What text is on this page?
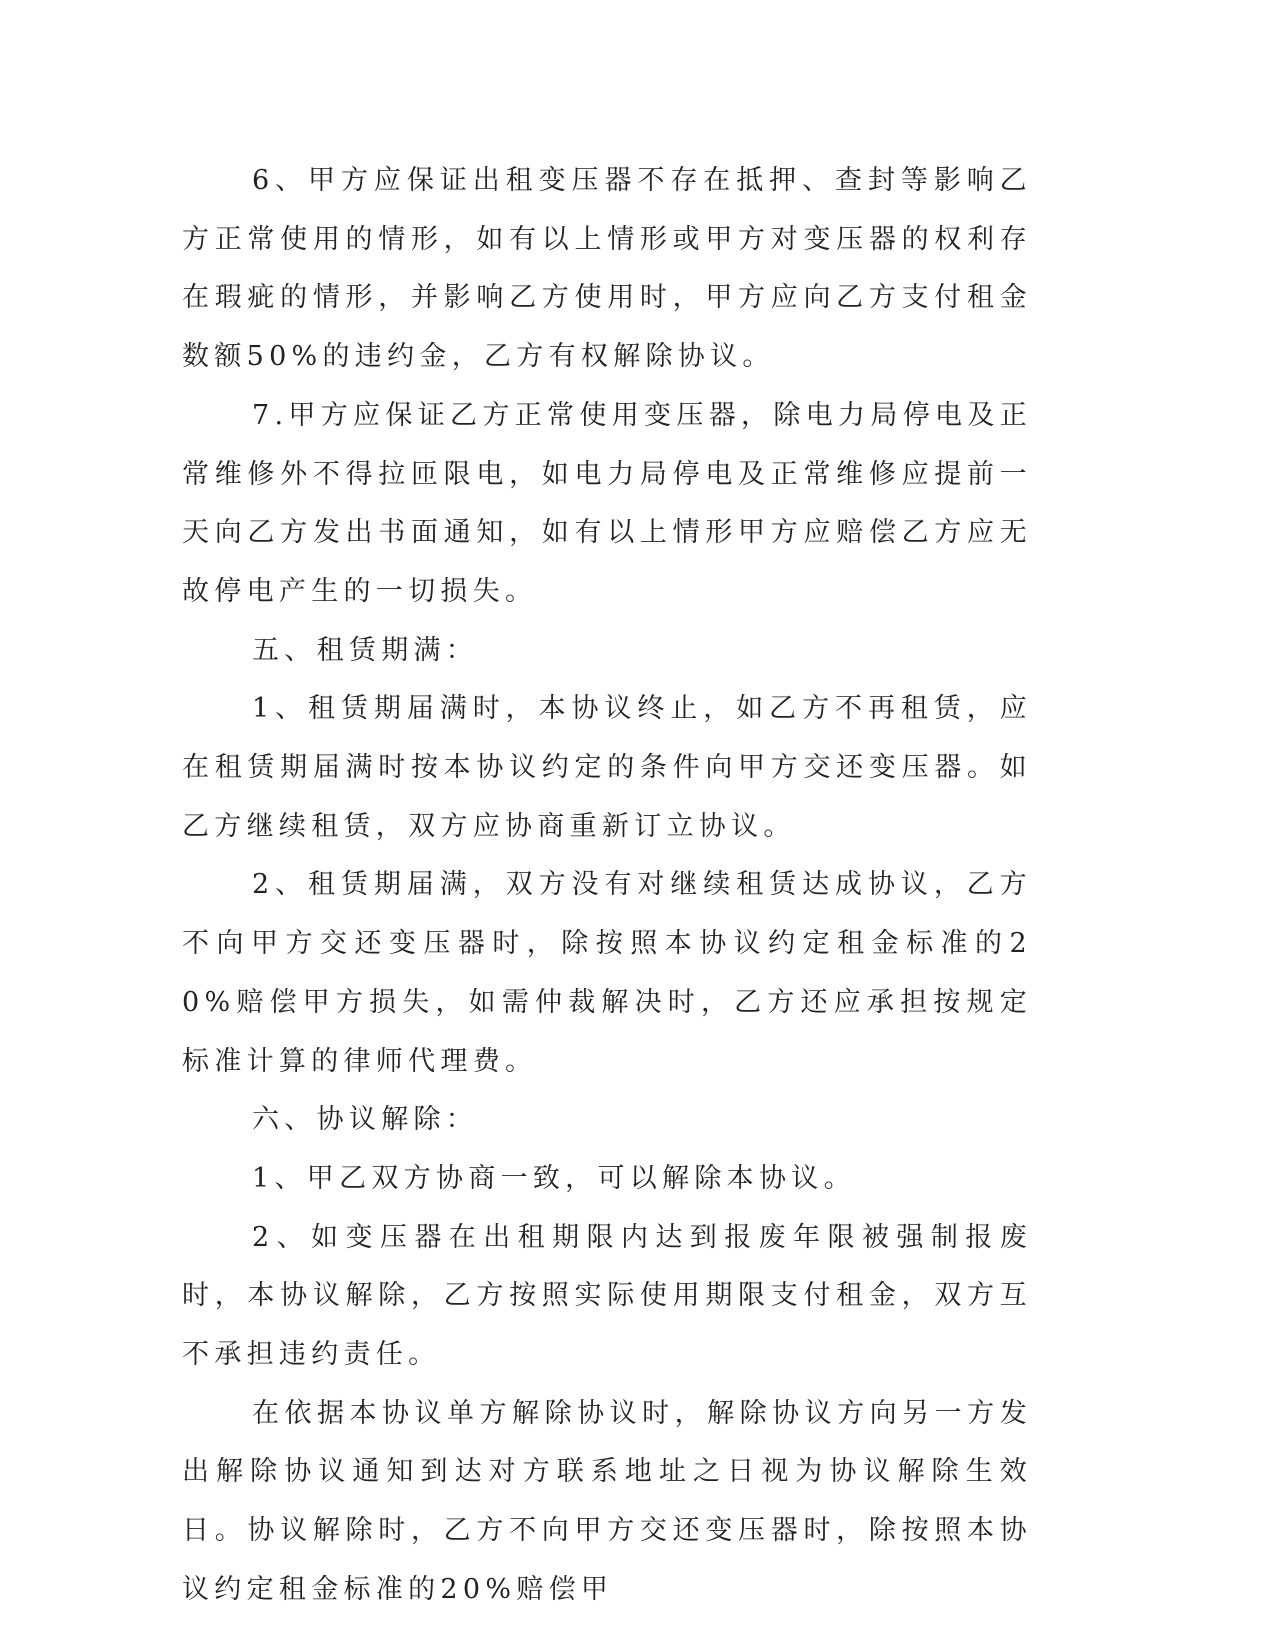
6、甲方应保证出租变压器不存在抵押、查封等影响乙方正常使用的情形，如有以上情形或甲方对变压器的权利存在瑕疵的情形，并影响乙方使用时，甲方应向乙方支付租金数额50%的违约金，乙方有权解除协议。

7.甲方应保证乙方正常使用变压器，除电力局停电及正常维修外不得拉匝限电，如电力局停电及正常维修应提前一天向乙方发出书面通知，如有以上情形甲方应赔偿乙方应无故停电产生的一切损失。

五、租赁期满：

1、租赁期届满时，本协议终止，如乙方不再租赁，应在租赁期届满时按本协议约定的条件向甲方交还变压器。如乙方继续租赁，双方应协商重新订立协议。

2、租赁期届满，双方没有对继续租赁达成协议，乙方不向甲方交还变压器时，除按照本协议约定租金标准的20%赔偿甲方损失，如需仲裁解决时，乙方还应承担按规定标准计算的律师代理费。

六、协议解除：

1、甲乙双方协商一致，可以解除本协议。

2、如变压器在出租期限内达到报废年限被强制报废时，本协议解除，乙方按照实际使用期限支付租金，双方互不承担违约责任。

在依据本协议单方解除协议时，解除协议方向另一方发出解除协议通知到达对方联系地址之日视为协议解除生效日。协议解除时，乙方不向甲方交还变压器时，除按照本协议约定租金标准的20%赔偿甲
